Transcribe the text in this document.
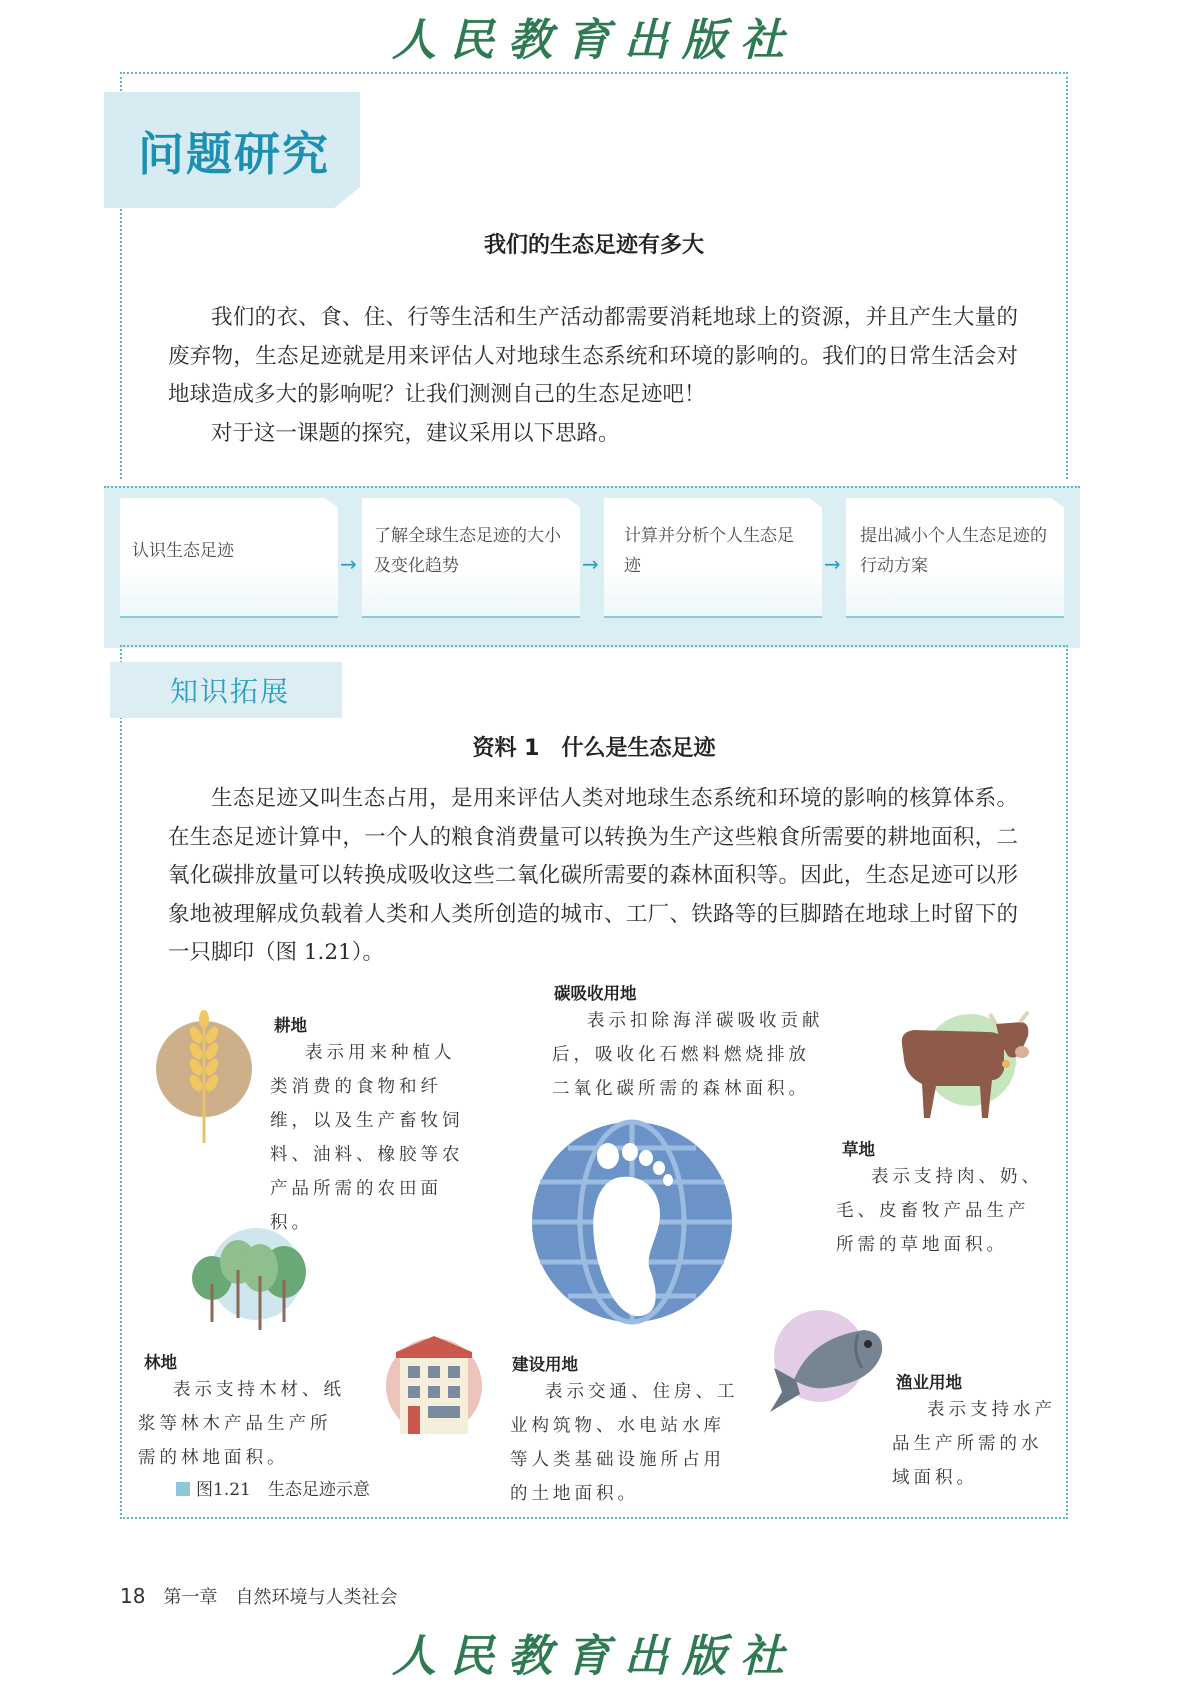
人民教育出版社
问题研究
我们的生态足迹有多大
我们的衣、食、住、行等生活和生产活动都需要消耗地球上的资源，并且产生大量的废弃物，生态足迹就是用来评估人对地球生态系统和环境的影响的。我们的日常生活会对地球造成多大的影响呢？让我们测测自己的生态足迹吧！
对于这一课题的探究，建议采用以下思路。
认识生态足迹
→
了解全球生态足迹的大小及变化趋势	→
计算并分析个人生态足迹	→
提出减小个人生态足迹的行动方案
知识拓展
资料 1　什么是生态足迹
生态足迹又叫生态占用，是用来评估人类对地球生态系统和环境的影响的核算体系。在生态足迹计算中，一个人的粮食消费量可以转换为生产这些粮食所需要的耕地面积，二氧化碳排放量可以转换成吸收这些二氧化碳所需要的森林面积等。因此，生态足迹可以形象地被理解成负载着人类和人类所创造的城市、工厂、铁路等的巨脚踏在地球上时留下的一只脚印（图 1.21）。
耕地
表示用来种植人类消费的食物和纤维，以及生产畜牧饲料、油料、橡胶等农产品所需的农田面积。
碳吸收用地
表示扣除海洋碳吸收贡献后，吸收化石燃料燃烧排放二氧化碳所需的森林面积。
草地
表示支持肉、奶、毛、皮畜牧产品生产所需的草地面积。
林地
表示支持木材、纸浆等林木产品生产所需的林地面积。
建设用地
表示交通、住房、工业构筑物、水电站水库等人类基础设施所占用的土地面积。
渔业用地
表示支持水产品生产所需的水域面积。
图1.21　生态足迹示意
18 第一章　自然环境与人类社会
人民教育出版社
